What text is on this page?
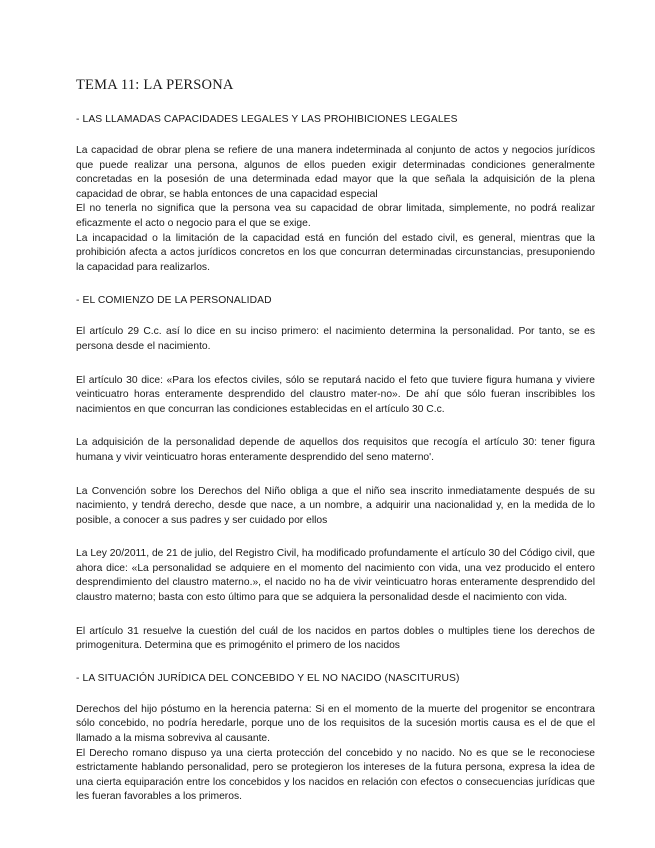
TEMA 11: LA PERSONA
- LAS LLAMADAS CAPACIDADES LEGALES Y LAS PROHIBICIONES LEGALES

La capacidad de obrar plena se refiere de una manera indeterminada al conjunto de actos y negocios jurídicos que puede realizar una persona, algunos de ellos pueden exigir determinadas condiciones generalmente concretadas en la posesión de una determinada edad mayor que la que señala la adquisición de la plena capacidad de obrar, se habla entonces de una capacidad especial

El no tenerla no significa que la persona vea su capacidad de obrar limitada, simplemente, no podrá realizar eficazmente el acto o negocio para el que se exige.

La incapacidad o la limitación de la capacidad está en función del estado civil, es general, mientras que la prohibición afecta a actos jurídicos concretos en los que concurran determinadas circunstancias, presuponiendo la capacidad para realizarlos.

- EL COMIENZO DE LA PERSONALIDAD

El artículo 29 C.c. así lo dice en su inciso primero: el nacimiento determina la personalidad. Por tanto, se es persona desde el nacimiento.

El artículo 30 dice: «Para los efectos civiles, sólo se reputará nacido el feto que tuviere figura humana y viviere veinticuatro horas enteramente desprendido del claustro mater-no». De ahí que sólo fueran inscribibles los nacimientos en que concurran las condiciones establecidas en el artículo 30 C.c.

La adquisición de la personalidad depende de aquellos dos requisitos que recogía el artículo 30: tener figura humana y vivir veinticuatro horas enteramente desprendido del seno materno'.

La Convención sobre los Derechos del Niño obliga a que el niño sea inscrito inmediatamente después de su nacimiento, y tendrá derecho, desde que nace, a un nombre, a adquirir una nacionalidad y, en la medida de lo posible, a conocer a sus padres y ser cuidado por ellos

La Ley 20/2011, de 21 de julio, del Registro Civil, ha modificado profundamente el artículo 30 del Código civil, que ahora dice: «La personalidad se adquiere en el momento del nacimiento con vida, una vez producido el entero desprendimiento del claustro materno.», el nacido no ha de vivir veinticuatro horas enteramente desprendido del claustro materno; basta con esto último para que se adquiera la personalidad desde el nacimiento con vida.

El artículo 31 resuelve la cuestión del cuál de los nacidos en partos dobles o multiples tiene los derechos de primogenitura. Determina que es primogénito el primero de los nacidos

- LA SITUACIÓN JURÍDICA DEL CONCEBIDO Y EL NO NACIDO (NASCITURUS)

Derechos del hijo póstumo en la herencia paterna: Si en el momento de la muerte del progenitor se encontrara sólo concebido, no podría heredarle, porque uno de los requisitos de la sucesión mortis causa es el de que el llamado a la misma sobreviva al causante.

El Derecho romano dispuso ya una cierta protección del concebido y no nacido. No es que se le reconociese estrictamente hablando personalidad, pero se protegieron los intereses de la futura persona, expresa la idea de una cierta equiparación entre los concebidos y los nacidos en relación con efectos o consecuencias jurídicas que les fueran favorables a los primeros.
